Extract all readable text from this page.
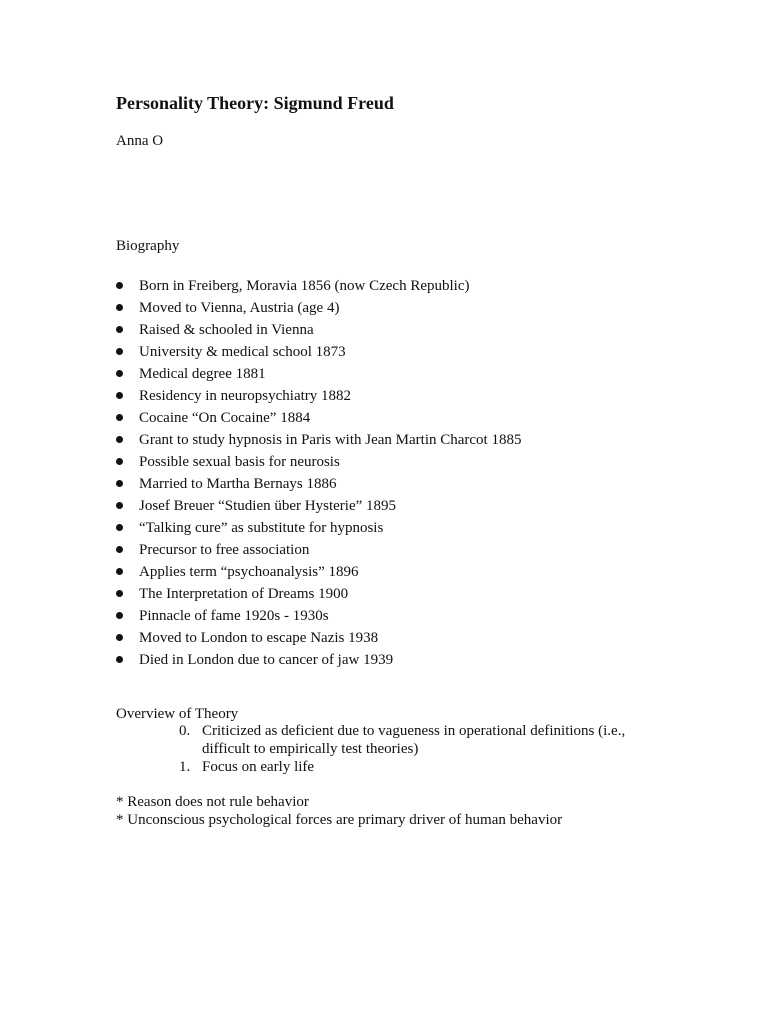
Personality Theory: Sigmund Freud

Anna O

Biography

Born in Freiberg, Moravia 1856 (now Czech Republic)
Moved to Vienna, Austria (age 4)
Raised & schooled in Vienna
University & medical school 1873
Medical degree 1881
Residency in neuropsychiatry 1882
Cocaine “On Cocaine” 1884
Grant to study hypnosis in Paris with Jean Martin Charcot 1885
Possible sexual basis for neurosis
Married to Martha Bernays 1886
Josef Breuer “Studien über Hysterie” 1895
“Talking cure” as substitute for hypnosis
Precursor to free association
Applies term “psychoanalysis” 1896
The Interpretation of Dreams 1900
Pinnacle of fame 1920s - 1930s
Moved to London to escape Nazis 1938
Died in London due to cancer of jaw 1939

Overview of Theory

0. Criticized as deficient due to vagueness in operational definitions (i.e., difficult to empirically test theories)
1. Focus on early life
* Reason does not rule behavior
* Unconscious psychological forces are primary driver of human behavior
